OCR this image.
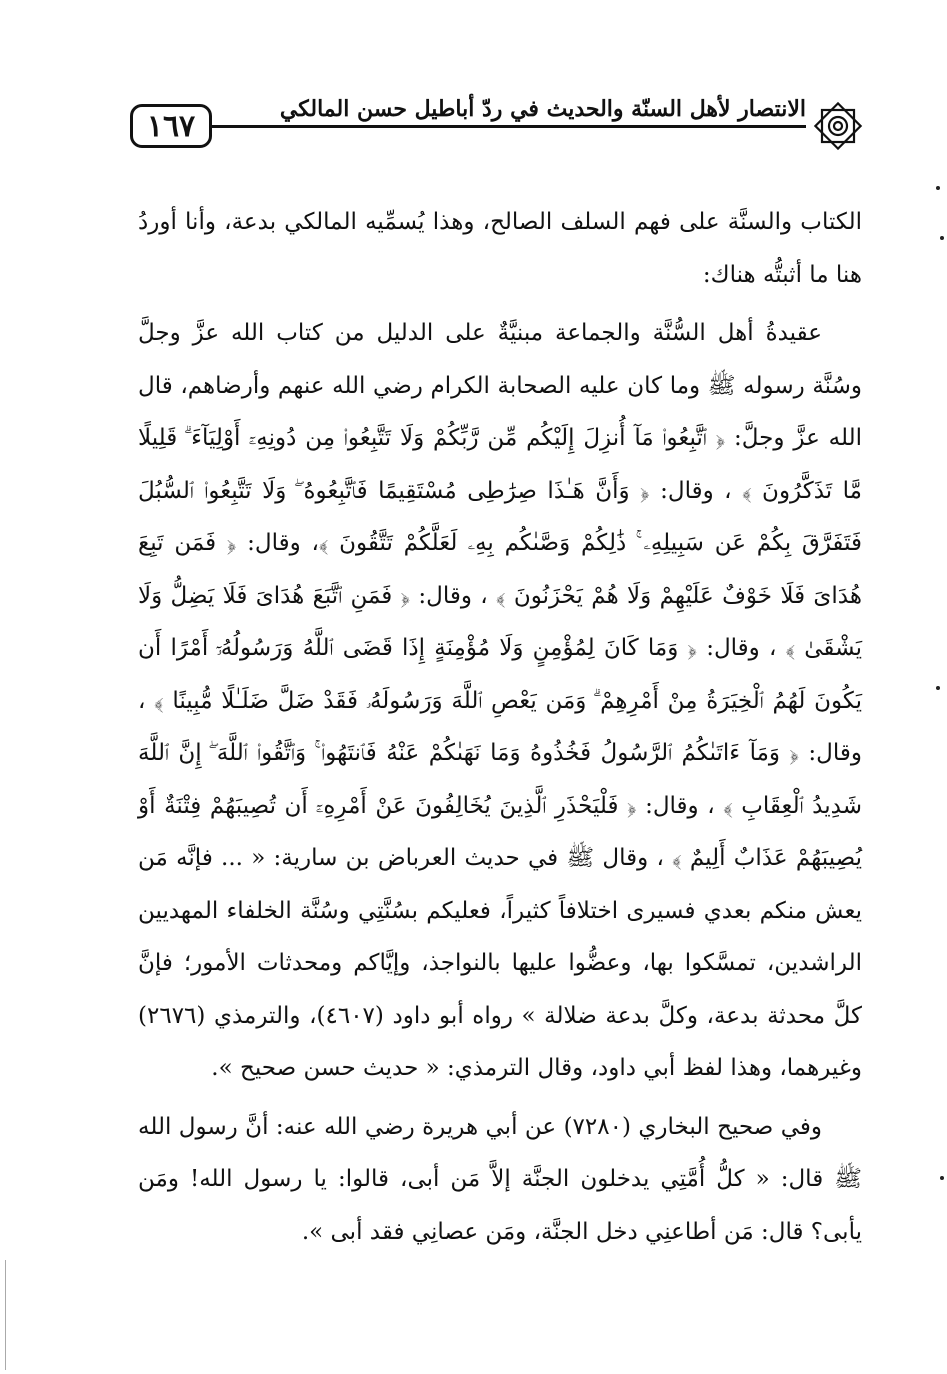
١٦٧	الانتصار لأهل السنّة والحديث في ردّ أباطيل حسن المالكي

الكتاب والسنَّة على فهم السلف الصالح، وهذا يُسمِّيه المالكي بدعة، وأنا أوردُ هنا ما أثبتُّه هناك:

عقيدةُ أهل السُّنَّة والجماعة مبنيَّةٌ على الدليل من كتاب الله عزَّ وجلَّ وسُنَّة رسوله ﷺ وما كان عليه الصحابة الكرام رضي الله عنهم وأرضاهم، قال الله عزَّ وجلَّ: ﴿ ٱتَّبِعُوا۟ مَآ أُنزِلَ إِلَيْكُم مِّن رَّبِّكُمْ وَلَا تَتَّبِعُوا۟ مِن دُونِهِۦٓ أَوْلِيَآءَ ۗ قَلِيلًا مَّا تَذَكَّرُونَ ﴾ ، وقال: ﴿ وَأَنَّ هَـٰذَا صِرَٰطِى مُسْتَقِيمًا فَٱتَّبِعُوهُ ۖ وَلَا تَتَّبِعُوا۟ ٱلسُّبُلَ فَتَفَرَّقَ بِكُمْ عَن سَبِيلِهِۦ ۚ ذَٰلِكُمْ وَصَّىٰكُم بِهِۦ لَعَلَّكُمْ تَتَّقُونَ ﴾، وقال: ﴿ فَمَن تَبِعَ هُدَاىَ فَلَا خَوْفٌ عَلَيْهِمْ وَلَا هُمْ يَحْزَنُونَ ﴾ ، وقال: ﴿ فَمَنِ ٱتَّبَعَ هُدَاىَ فَلَا يَضِلُّ وَلَا يَشْقَىٰ ﴾ ، وقال: ﴿ وَمَا كَانَ لِمُؤْمِنٍ وَلَا مُؤْمِنَةٍ إِذَا قَضَى ٱللَّهُ وَرَسُولُهُۥٓ أَمْرًا أَن يَكُونَ لَهُمُ ٱلْخِيَرَةُ مِنْ أَمْرِهِمْ ۗ وَمَن يَعْصِ ٱللَّهَ وَرَسُولَهُۥ فَقَدْ ضَلَّ ضَلَـٰلًا مُّبِينًا ﴾ ، وقال: ﴿ وَمَآ ءَاتَىٰكُمُ ٱلرَّسُولُ فَخُذُوهُ وَمَا نَهَىٰكُمْ عَنْهُ فَٱنتَهُوا۟ ۚ وَٱتَّقُوا۟ ٱللَّهَ ۖ إِنَّ ٱللَّهَ شَدِيدُ ٱلْعِقَابِ ﴾ ، وقال: ﴿ فَلْيَحْذَرِ ٱلَّذِينَ يُخَالِفُونَ عَنْ أَمْرِهِۦٓ أَن تُصِيبَهُمْ فِتْنَةٌ أَوْ يُصِيبَهُمْ عَذَابٌ أَلِيمٌ ﴾ ، وقال ﷺ في حديث العرباض بن سارية: « ... فإنَّه مَن يعش منكم بعدي فسيرى اختلافاً كثيراً، فعليكم بسُنَّتِي وسُنَّة الخلفاء المهديين الراشدين، تمسَّكوا بها، وعضُّوا عليها بالنواجذ، وإيَّاكم ومحدثات الأمور؛ فإنَّ كلَّ محدثة بدعة، وكلَّ بدعة ضلالة » رواه أبو داود (٤٦٠٧)، والترمذي (٢٦٧٦) وغيرهما، وهذا لفظ أبي داود، وقال الترمذي: « حديث حسن صحيح ».

وفي صحيح البخاري (٧٢٨٠) عن أبي هريرة رضي الله عنه: أنَّ رسول الله ﷺ قال: « كلُّ أُمَّتِي يدخلون الجنَّة إلاَّ مَن أبى، قالوا: يا رسول الله! ومَن يأبى؟ قال: مَن أطاعنِي دخل الجنَّة، ومَن عصانِي فقد أبى ».
